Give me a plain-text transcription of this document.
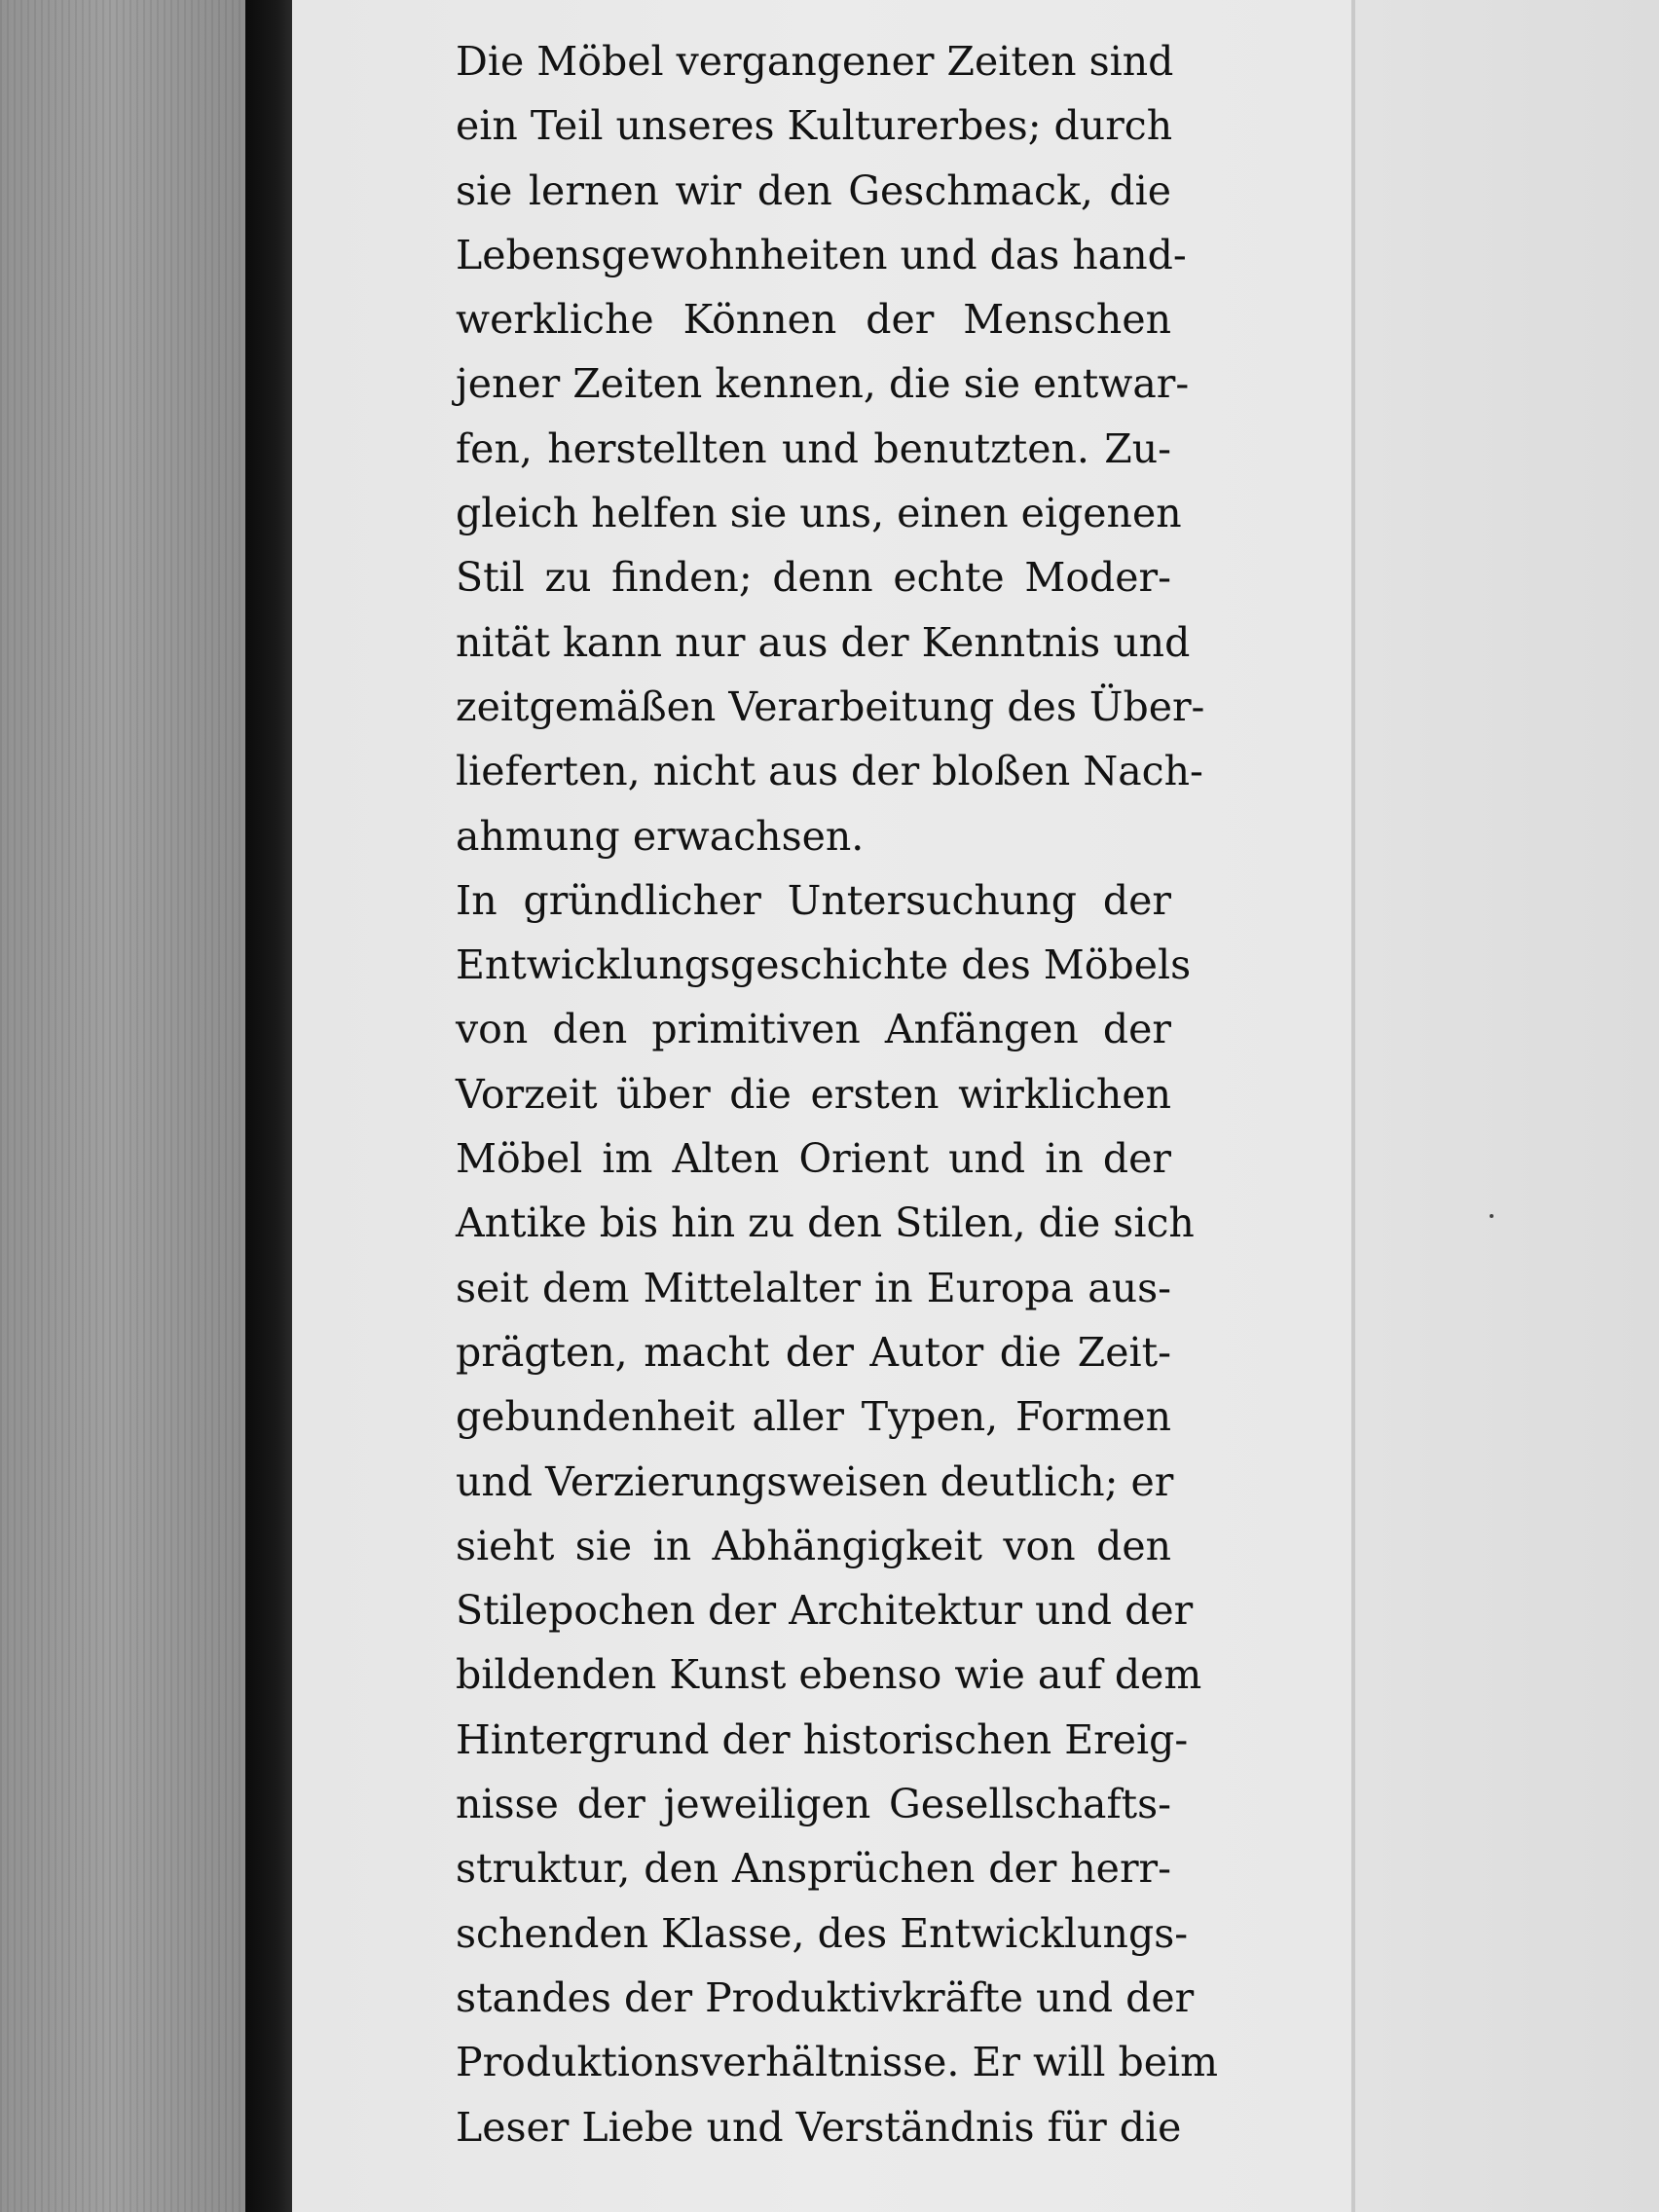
Die Möbel vergangener Zeiten sind
ein Teil unseres Kulturerbes; durch
sie lernen wir den Geschmack, die
Lebensgewohnheiten und das hand-
werkliche Können der Menschen
jener Zeiten kennen, die sie entwar-
fen, herstellten und benutzten. Zu-
gleich helfen sie uns, einen eigenen
Stil zu finden; denn echte Moder-
nität kann nur aus der Kenntnis und
zeitgemäßen Verarbeitung des Über-
lieferten, nicht aus der bloßen Nach-
ahmung erwachsen.
In gründlicher Untersuchung der
Entwicklungsgeschichte des Möbels
von den primitiven Anfängen der
Vorzeit über die ersten wirklichen
Möbel im Alten Orient und in der
Antike bis hin zu den Stilen, die sich
seit dem Mittelalter in Europa aus-
prägten, macht der Autor die Zeit-
gebundenheit aller Typen, Formen
und Verzierungsweisen deutlich; er
sieht sie in Abhängigkeit von den
Stilepochen der Architektur und der
bildenden Kunst ebenso wie auf dem
Hintergrund der historischen Ereig-
nisse der jeweiligen Gesellschafts-
struktur, den Ansprüchen der herr-
schenden Klasse, des Entwicklungs-
standes der Produktivkräfte und der
Produktionsverhältnisse. Er will beim
Leser Liebe und Verständnis für die
